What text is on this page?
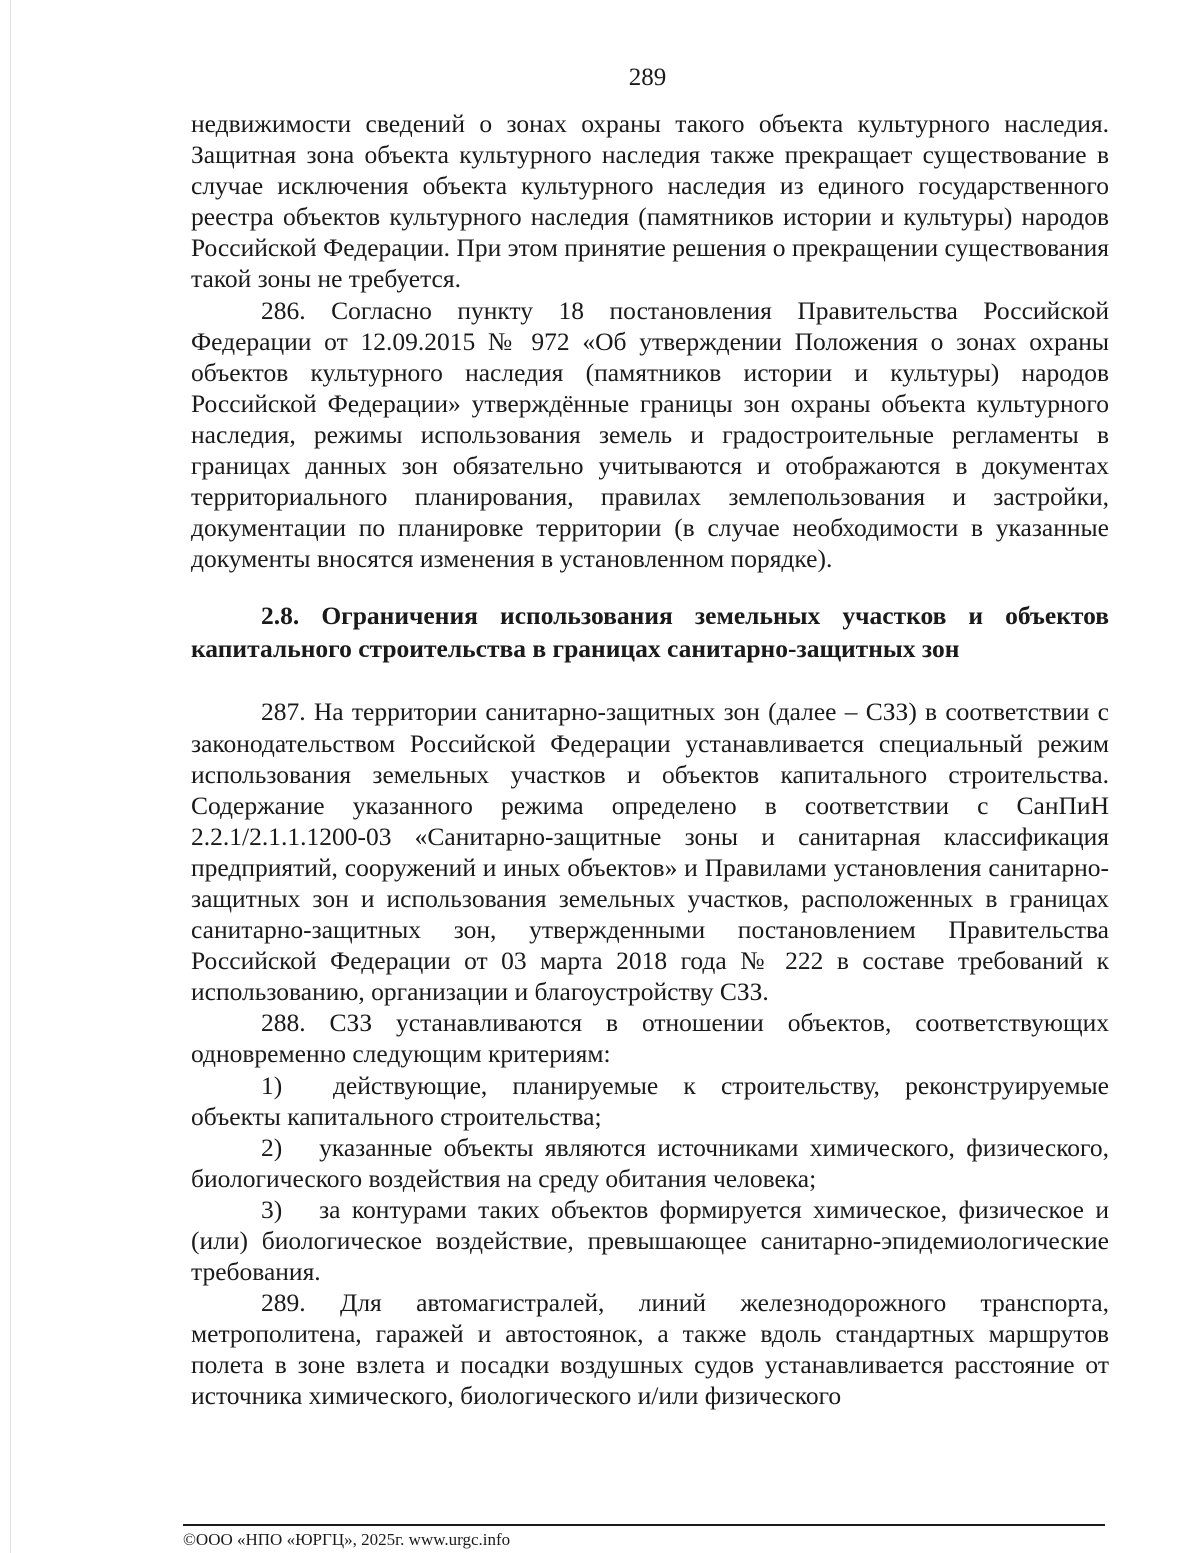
289

недвижимости сведений о зонах охраны такого объекта культурного наследия. Защитная зона объекта культурного наследия также прекращает существование в случае исключения объекта культурного наследия из единого государственного реестра объектов культурного наследия (памятников истории и культуры) народов Российской Федерации. При этом принятие решения о прекращении существования такой зоны не требуется.

286. Согласно пункту 18 постановления Правительства Российской Федерации от 12.09.2015 № 972 «Об утверждении Положения о зонах охраны объектов культурного наследия (памятников истории и культуры) народов Российской Федерации» утверждённые границы зон охраны объекта культурного наследия, режимы использования земель и градостроительные регламенты в границах данных зон обязательно учитываются и отображаются в документах территориального планирования, правилах землепользования и застройки, документации по планировке территории (в случае необходимости в указанные документы вносятся изменения в установленном порядке).

2.8. Ограничения использования земельных участков и объектов капитального строительства в границах санитарно-защитных зон

287. На территории санитарно-защитных зон (далее – СЗЗ) в соответствии с законодательством Российской Федерации устанавливается специальный режим использования земельных участков и объектов капитального строительства. Содержание указанного режима определено в соответствии с СанПиН 2.2.1/2.1.1.1200-03 «Санитарно-защитные зоны и санитарная классификация предприятий, сооружений и иных объектов» и Правилами установления санитарно-защитных зон и использования земельных участков, расположенных в границах санитарно-защитных зон, утвержденными постановлением Правительства Российской Федерации от 03 марта 2018 года № 222 в составе требований к использованию, организации и благоустройству СЗЗ.

288. СЗЗ устанавливаются в отношении объектов, соответствующих одновременно следующим критериям:

1)  действующие, планируемые к строительству, реконструируемые объекты капитального строительства;

2)  указанные объекты являются источниками химического, физического, биологического воздействия на среду обитания человека;

3)  за контурами таких объектов формируется химическое, физическое и (или) биологическое воздействие, превышающее санитарно-эпидемиологические требования.

289. Для автомагистралей, линий железнодорожного транспорта, метрополитена, гаражей и автостоянок, а также вдоль стандартных маршрутов полета в зоне взлета и посадки воздушных судов устанавливается расстояние от источника химического, биологического и/или физического

©ООО «НПО «ЮРГЦ», 2025г. www.urgc.info
